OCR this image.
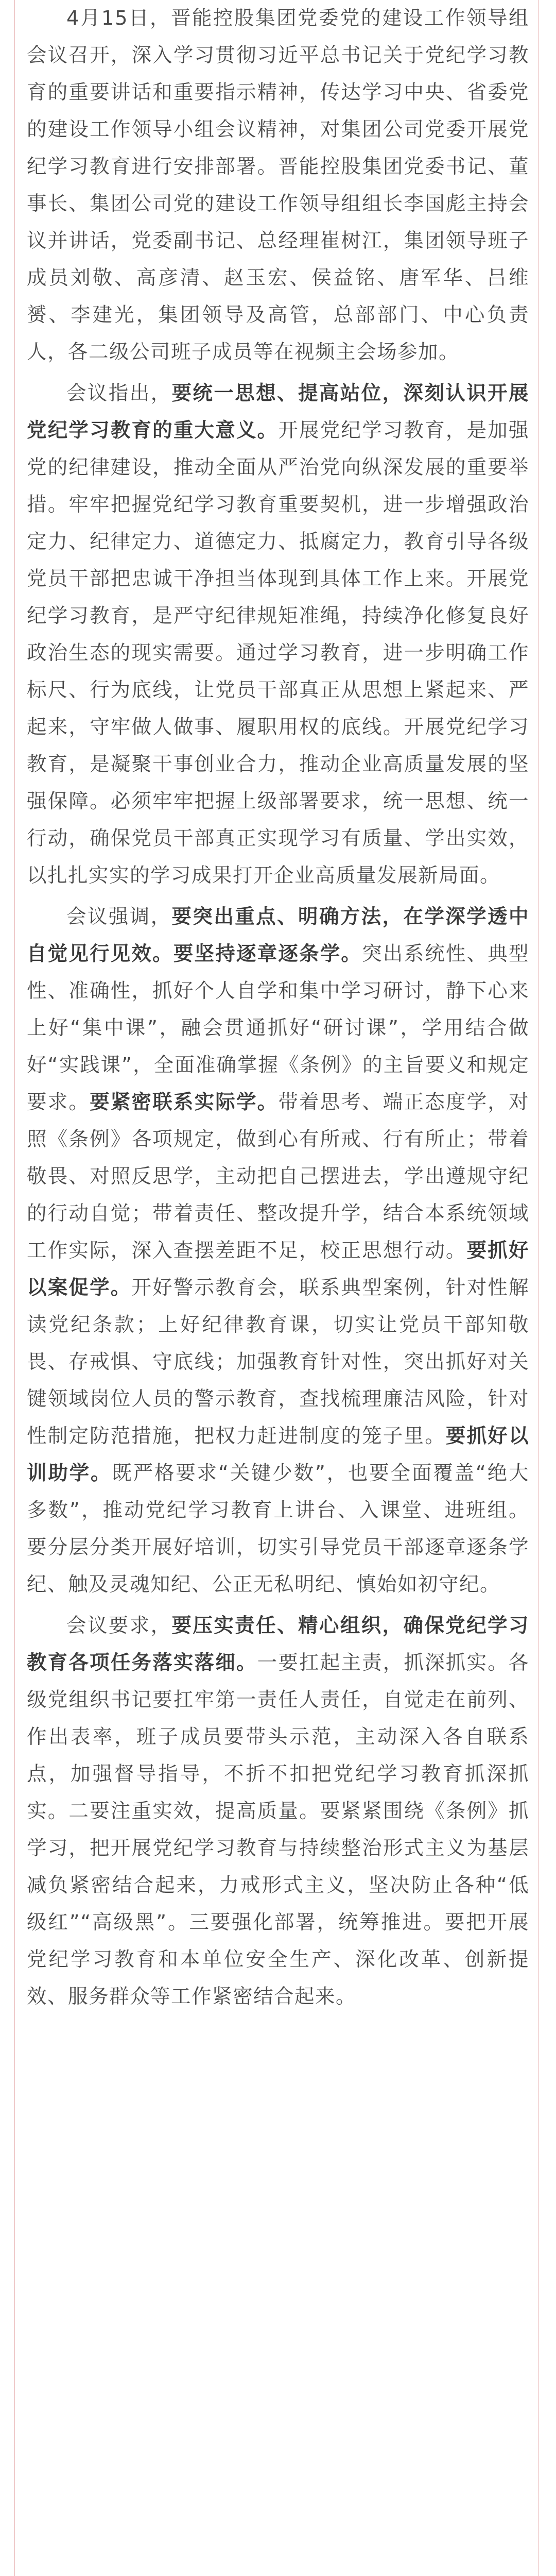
4月15日，晋能控股集团党委党的建设工作领导组会议召开，深入学习贯彻习近平总书记关于党纪学习教育的重要讲话和重要指示精神，传达学习中央、省委党的建设工作领导小组会议精神，对集团公司党委开展党纪学习教育进行安排部署。晋能控股集团党委书记、董事长、集团公司党的建设工作领导组组长李国彪主持会议并讲话，党委副书记、总经理崔树江，集团领导班子成员刘敬、高彦清、赵玉宏、侯益铭、唐军华、吕维赟、李建光，集团领导及高管，总部部门、中心负责人，各二级公司班子成员等在视频主会场参加。

会议指出，要统一思想、提高站位，深刻认识开展党纪学习教育的重大意义。开展党纪学习教育，是加强党的纪律建设，推动全面从严治党向纵深发展的重要举措。牢牢把握党纪学习教育重要契机，进一步增强政治定力、纪律定力、道德定力、抵腐定力，教育引导各级党员干部把忠诚干净担当体现到具体工作上来。开展党纪学习教育，是严守纪律规矩准绳，持续净化修复良好政治生态的现实需要。通过学习教育，进一步明确工作标尺、行为底线，让党员干部真正从思想上紧起来、严起来，守牢做人做事、履职用权的底线。开展党纪学习教育，是凝聚干事创业合力，推动企业高质量发展的坚强保障。必须牢牢把握上级部署要求，统一思想、统一行动，确保党员干部真正实现学习有质量、学出实效，以扎扎实实的学习成果打开企业高质量发展新局面。

会议强调，要突出重点、明确方法，在学深学透中自觉见行见效。要坚持逐章逐条学。突出系统性、典型性、准确性，抓好个人自学和集中学习研讨，静下心来上好“集中课”，融会贯通抓好“研讨课”，学用结合做好“实践课”，全面准确掌握《条例》的主旨要义和规定要求。要紧密联系实际学。带着思考、端正态度学，对照《条例》各项规定，做到心有所戒、行有所止；带着敬畏、对照反思学，主动把自己摆进去，学出遵规守纪的行动自觉；带着责任、整改提升学，结合本系统领域工作实际，深入查摆差距不足，校正思想行动。要抓好以案促学。开好警示教育会，联系典型案例，针对性解读党纪条款；上好纪律教育课，切实让党员干部知敬畏、存戒惧、守底线；加强教育针对性，突出抓好对关键领域岗位人员的警示教育，查找梳理廉洁风险，针对性制定防范措施，把权力赶进制度的笼子里。要抓好以训助学。既严格要求“关键少数”，也要全面覆盖“绝大多数”，推动党纪学习教育上讲台、入课堂、进班组。要分层分类开展好培训，切实引导党员干部逐章逐条学纪、触及灵魂知纪、公正无私明纪、慎始如初守纪。

会议要求，要压实责任、精心组织，确保党纪学习教育各项任务落实落细。一要扛起主责，抓深抓实。各级党组织书记要扛牢第一责任人责任，自觉走在前列、作出表率，班子成员要带头示范，主动深入各自联系点，加强督导指导，不折不扣把党纪学习教育抓深抓实。二要注重实效，提高质量。要紧紧围绕《条例》抓学习，把开展党纪学习教育与持续整治形式主义为基层减负紧密结合起来，力戒形式主义，坚决防止各种“低级红”“高级黑”。三要强化部署，统筹推进。要把开展党纪学习教育和本单位安全生产、深化改革、创新提效、服务群众等工作紧密结合起来。
